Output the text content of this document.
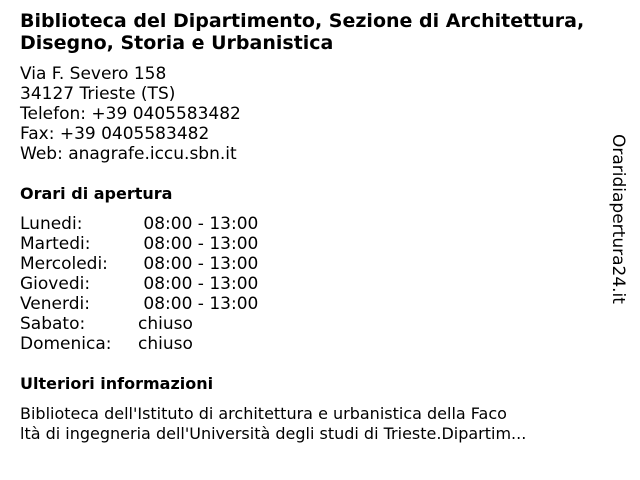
Biblioteca del Dipartimento, Sezione di Architettura,
Disegno, Storia e Urbanistica
Via F. Severo 158
34127 Trieste (TS)
Telefon: +39 0405583482
Fax: +39 0405583482
Web: anagrafe.iccu.sbn.it
Orari di apertura
Lunedi:	08:00 - 13:00
Martedi:	08:00 - 13:00
Mercoledi:	08:00 - 13:00
Giovedi:	08:00 - 13:00
Venerdi:	08:00 - 13:00
Sabato:	chiuso
Domenica:	chiuso
Ulteriori informazioni
Biblioteca dell'Istituto di architettura e urbanistica della Faco
ltà di ingegneria dell'Università degli studi di Trieste.Dipartim...
Oraridiapertura24.it
